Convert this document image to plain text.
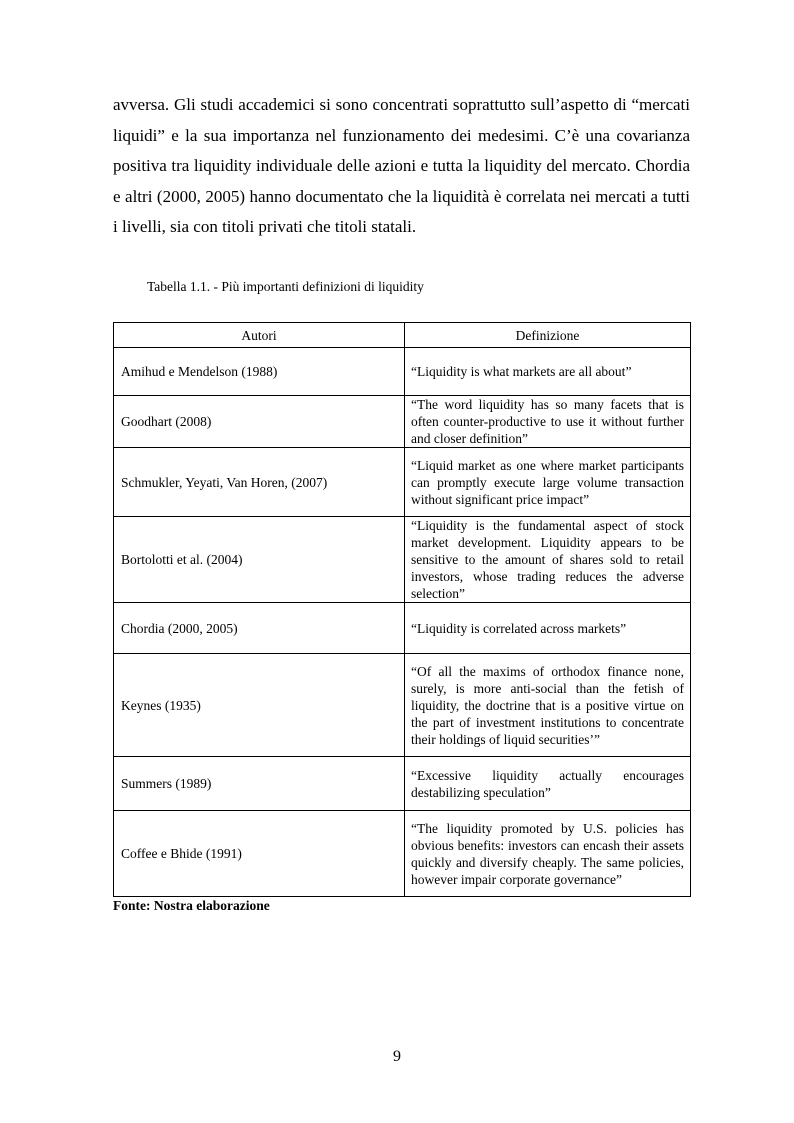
avversa. Gli studi accademici si sono concentrati soprattutto sull’aspetto di “mercati liquidi” e la sua importanza nel funzionamento dei medesimi. C’è una covarianza positiva tra liquidity individuale delle azioni e tutta la liquidity del mercato. Chordia e altri (2000, 2005) hanno documentato che la liquidità è correlata nei mercati a tutti i livelli, sia con titoli privati che titoli statali.

Tabella 1.1. - Più importanti definizioni di liquidity

Autori	Definizione
Amihud e Mendelson (1988)	“Liquidity is what markets are all about”
Goodhart (2008)	“The word liquidity has so many facets that is often counter-productive to use it without further and closer definition”
Schmukler, Yeyati, Van Horen, (2007)	“Liquid market as one where market participants can promptly execute large volume transaction without significant price impact”
Bortolotti et al. (2004)	“Liquidity is the fundamental aspect of stock market development. Liquidity appears to be sensitive to the amount of shares sold to retail investors, whose trading reduces the adverse selection”
Chordia (2000, 2005)	“Liquidity is correlated across markets”
Keynes (1935)	“Of all the maxims of orthodox finance none, surely, is more anti-social than the fetish of liquidity, the doctrine that is a positive virtue on the part of investment institutions to concentrate their holdings of liquid securities’”
Summers (1989)	“Excessive liquidity actually encourages destabilizing speculation”
Coffee e Bhide (1991)	“The liquidity promoted by U.S. policies has obvious benefits: investors can encash their assets quickly and diversify cheaply. The same policies, however impair corporate governance”

Fonte: Nostra elaborazione

9
